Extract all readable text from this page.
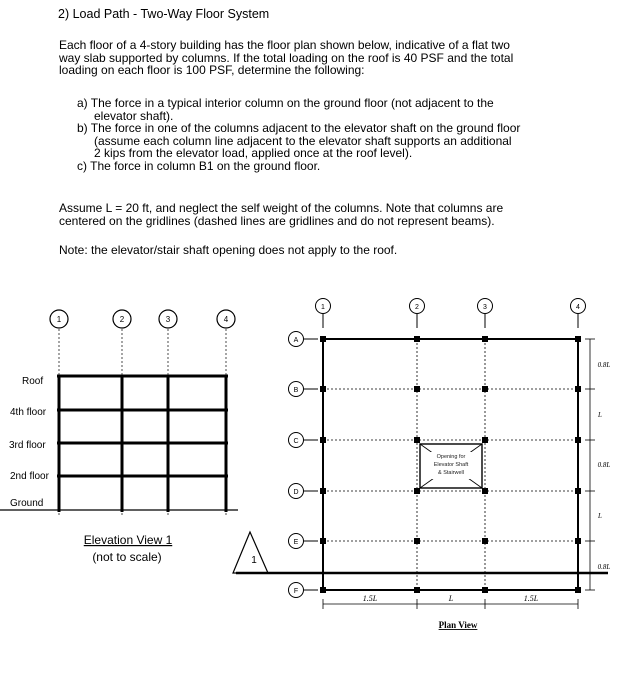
2) Load Path - Two-Way Floor System
Each floor of a 4-story building has the floor plan shown below, indicative of a flat two
way slab supported by columns. If the total loading on the roof is 40 PSF and the total
loading on each floor is 100 PSF, determine the following:
a) The force in a typical interior column on the ground floor (not adjacent to the
elevator shaft).
b) The force in one of the columns adjacent to the elevator shaft on the ground floor
(assume each column line adjacent to the elevator shaft supports an additional
2 kips from the elevator load, applied once at the roof level).
c) The force in column B1 on the ground floor.
Assume L = 20 ft, and neglect the self weight of the columns. Note that columns are
centered on the gridlines (dashed lines are gridlines and do not represent beams).
Note: the elevator/stair shaft opening does not apply to the roof.
1	2	3	4
Roof
4th floor
3rd floor
2nd floor
Ground
Elevation View 1
(not to scale)	1
1	2	3	4
A
B
C
D
E
F
Opening for
Elevator Shaft
& Stairwell
1.5L	L	1.5L
0.8L
L
0.8L
L
0.8L
Plan View
